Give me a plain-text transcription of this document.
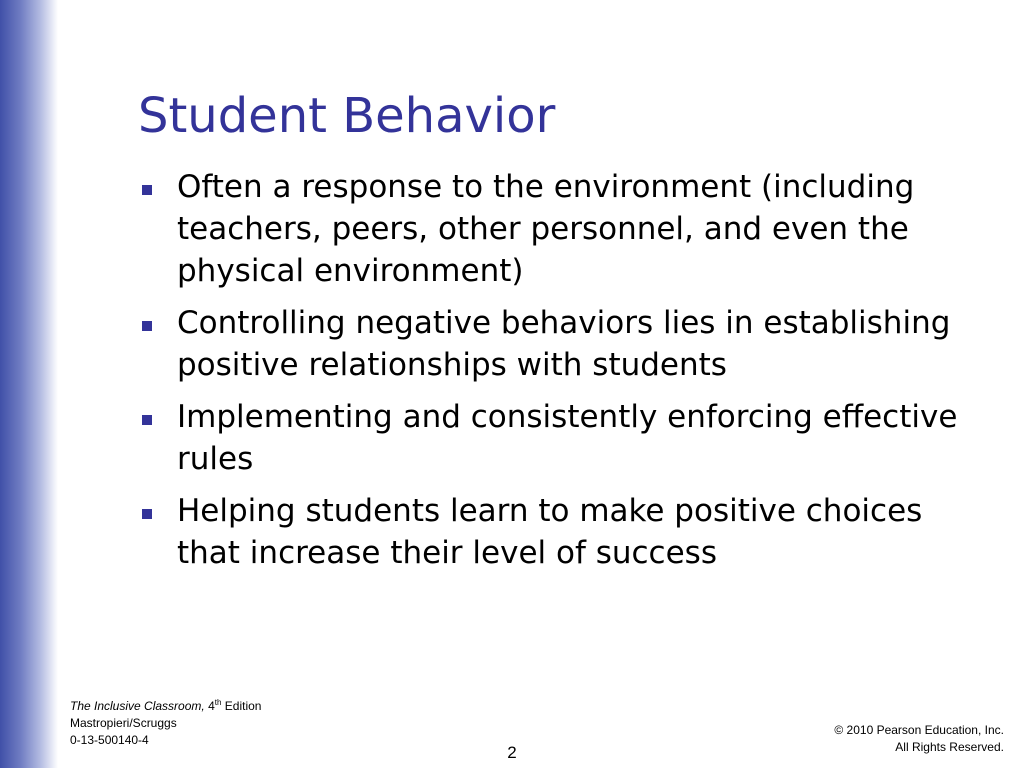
Student Behavior
Often a response to the environment (including teachers, peers, other personnel, and even the physical environment)
Controlling negative behaviors lies in establishing positive relationships with students
Implementing and consistently enforcing effective rules
Helping students learn to make positive choices that increase their level of success
The Inclusive Classroom, 4th Edition
Mastropieri/Scruggs
0-13-500140-4
2
© 2010 Pearson Education, Inc.
All Rights Reserved.
